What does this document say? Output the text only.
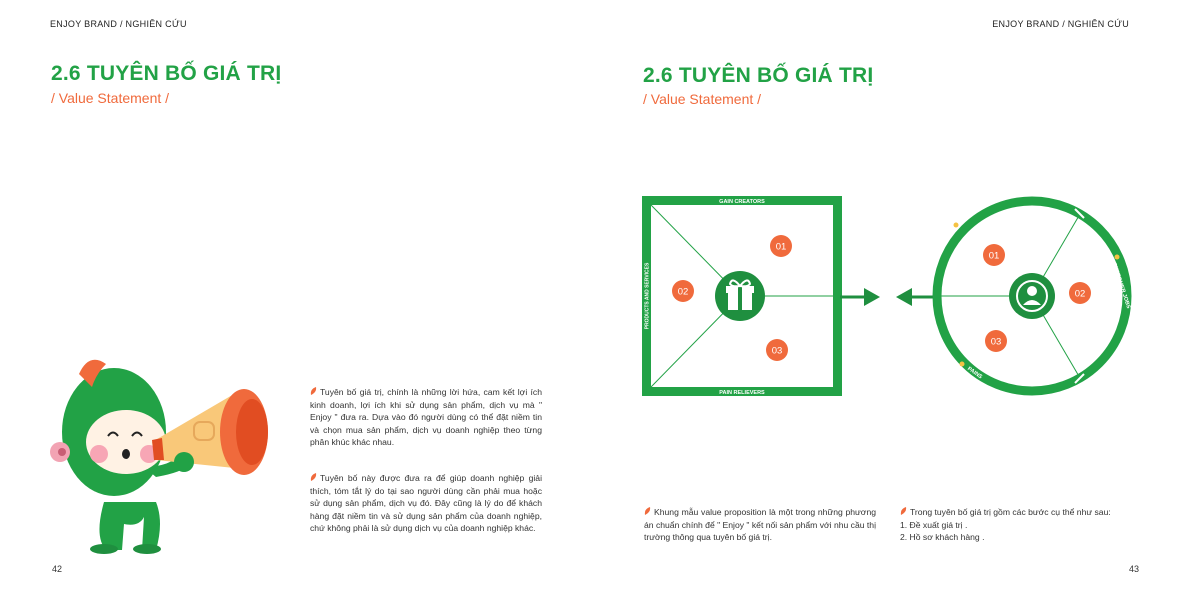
ENJOY BRAND / NGHIÊN CỨU
2.6 TUYÊN BỐ GIÁ TRỊ
/ Value Statement /
Tuyên bố giá trị, chính là những lời hứa, cam kết lợi ích kinh doanh, lợi ích khi sử dụng sản phẩm, dịch vụ mà " Enjoy " đưa ra. Dựa vào đó người dùng có thể đặt niềm tin và chọn mua sản phẩm, dịch vụ doanh nghiệp theo từng phân khúc khác nhau.
Tuyên bố này được đưa ra để giúp doanh nghiệp giải thích, tóm tắt lý do tại sao người dùng cần phải mua hoặc sử dụng sản phẩm, dịch vụ đó. Đây cũng là lý do để khách hàng đặt niềm tin và sử dụng sản phẩm của doanh nghiệp, chứ không phải là sử dụng dịch vụ của doanh nghiệp khác.
42
ENJOY BRAND / NGHIÊN CỨU
2.6 TUYÊN BỐ GIÁ TRỊ
/ Value Statement /
GAIN CREATORS
PAIN RELIEVERS
PRODUCTS AND SERVICES
01
02
03
GAINS
CUSTOMER JOBS
PAINS
01
02
03
Khung mẫu value proposition là một trong những phương án chuẩn chính để " Enjoy " kết nối sản phẩm với nhu cầu thị trường thông qua tuyên bố giá trị.
Trong tuyên bố giá trị gồm các bước cụ thể như sau:
1. Đề xuất giá trị .
2. Hồ sơ khách hàng .
43
